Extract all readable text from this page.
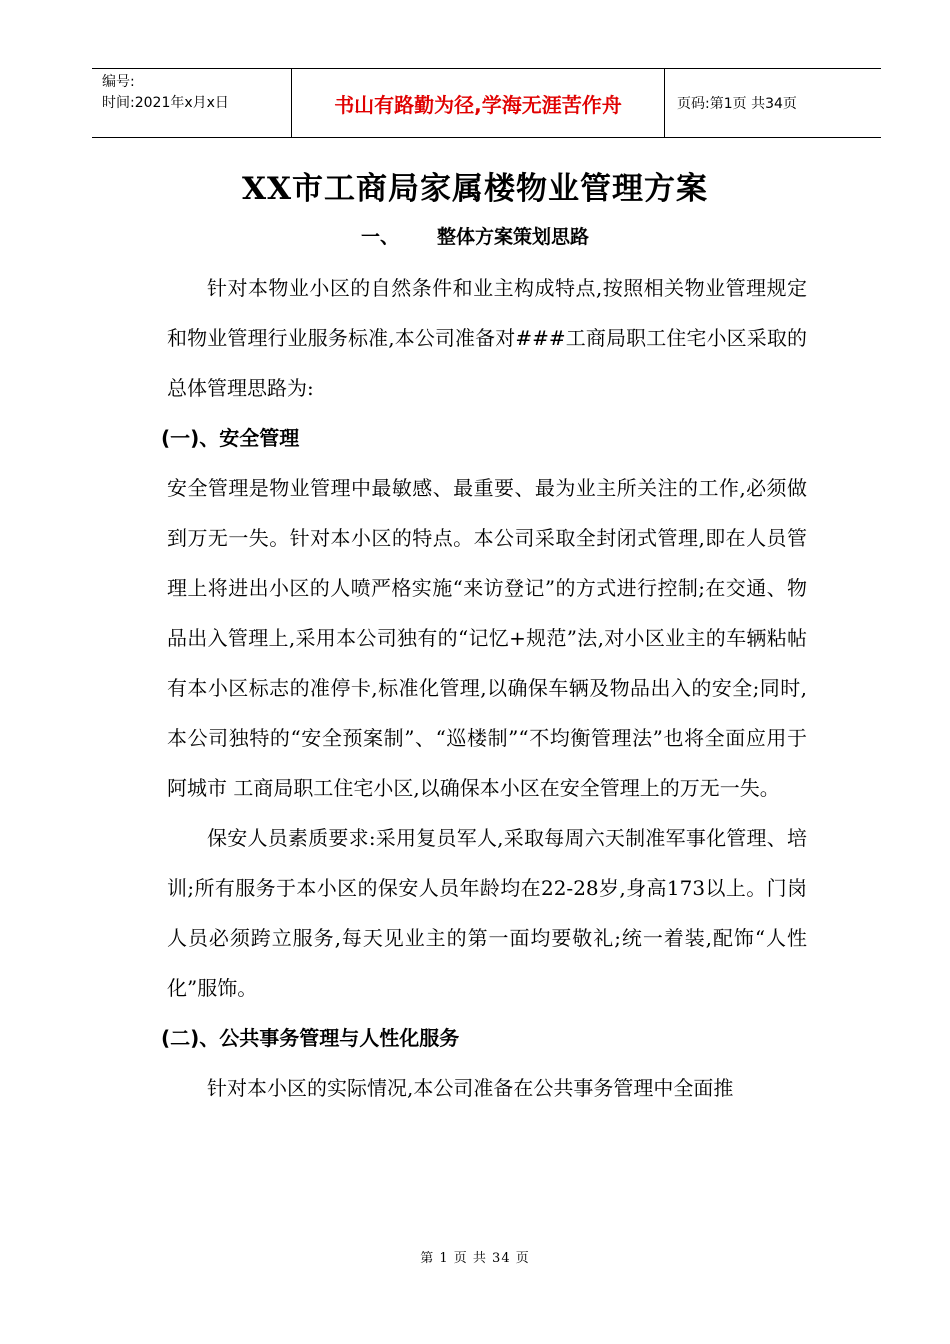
编号:
时间:2021年x月x日	书山有路勤为径,学海无涯苦作舟	页码:第1页 共34页
XX市工商局家属楼物业管理方案
一、 整体方案策划思路

针对本物业小区的自然条件和业主构成特点,按照相关物业管理规定和物业管理行业服务标准,本公司准备对###工商局职工住宅小区采取的总体管理思路为:

(一)、安全管理

安全管理是物业管理中最敏感、最重要、最为业主所关注的工作,必须做到万无一失。针对本小区的特点。本公司采取全封闭式管理,即在人员管理上将进出小区的人喷严格实施“来访登记”的方式进行控制;在交通、物品出入管理上,采用本公司独有的“记忆+规范”法,对小区业主的车辆粘帖有本小区标志的准停卡,标准化管理,以确保车辆及物品出入的安全;同时,本公司独特的“安全预案制”、“巡楼制”“不均衡管理法”也将全面应用于阿城市 工商局职工住宅小区,以确保本小区在安全管理上的万无一失。

保安人员素质要求:采用复员军人,采取每周六天制准军事化管理、培训;所有服务于本小区的保安人员年龄均在22-28岁,身高173以上。门岗人员必须跨立服务,每天见业主的第一面均要敬礼;统一着装,配饰“人性化”服饰。

(二)、公共事务管理与人性化服务

针对本小区的实际情况,本公司准备在公共事务管理中全面推

第 1 页 共 34 页
